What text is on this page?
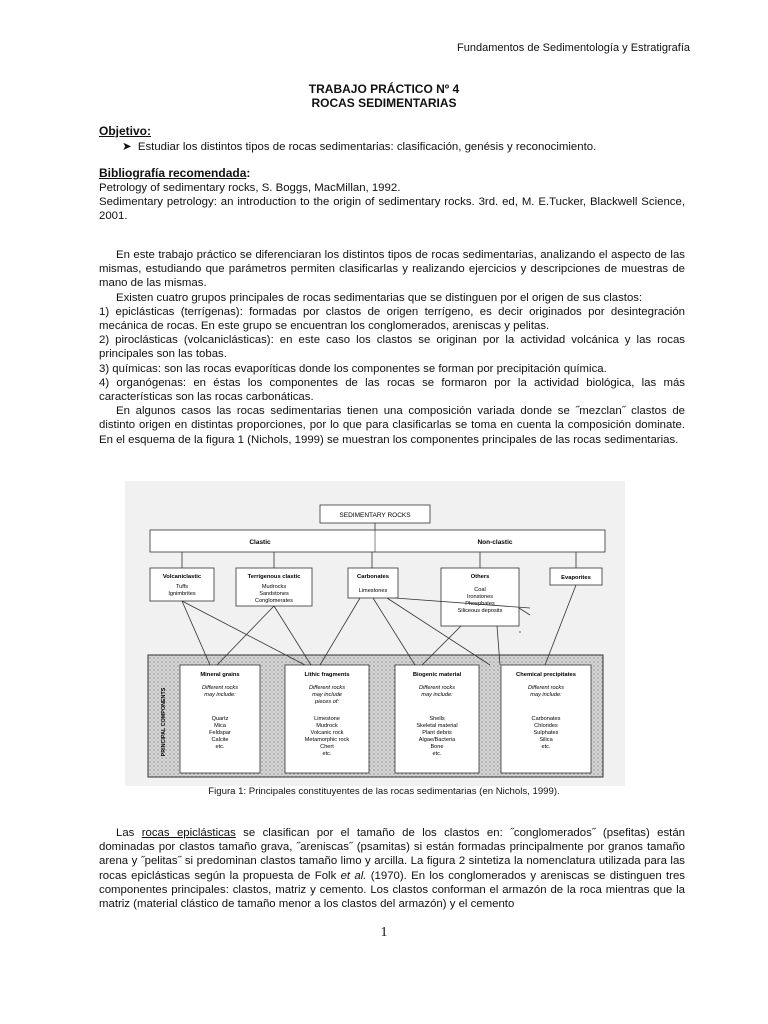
Fundamentos de Sedimentología y Estratigrafía
TRABAJO PRÁCTICO Nº 4
ROCAS SEDIMENTARIAS
Objetivo:
➤ Estudiar los distintos tipos de rocas sedimentarias: clasificación, genésis y reconocimiento.
Bibliografía recomendada:

Petrology of sedimentary rocks, S. Boggs, MacMillan, 1992.

Sedimentary petrology: an introduction to the origin of sedimentary rocks. 3rd. ed, M. E.Tucker, Blackwell Science, 2001.

En este trabajo práctico se diferenciaran los distintos tipos de rocas sedimentarias, analizando el aspecto de las mismas, estudiando que parámetros permiten clasificarlas y realizando ejercicios y descripciones de muestras de mano de las mismas.

Existen cuatro grupos principales de rocas sedimentarias que se distinguen por el origen de sus clastos:

1) epiclásticas (terrígenas): formadas por clastos de origen terrígeno, es decir originados por desintegración mecánica de rocas. En este grupo se encuentran los conglomerados, areniscas y pelitas.

2) piroclásticas (volcaniclásticas): en este caso los clastos se originan por la actividad volcánica y las rocas principales son las tobas.

3) químicas: son las rocas evaporíticas donde los componentes se forman por precipitación química.

4) organógenas: en éstas los componentes de las rocas se formaron por la actividad biológica, las más características son las rocas carbonáticas.

En algunos casos las rocas sedimentarias tienen una composición variada donde se ˝mezclan˝ clastos de distinto origen en distintas proporciones, por lo que para clasificarlas se toma en cuenta la composición dominate. En el esquema de la figura 1 (Nichols, 1999) se muestran los componentes principales de las rocas sedimentarias.

SEDIMENTARY ROCKS
Clastic	Non-clastic
Volcaniclastic
Tuffs
Ignimbrites
Terrigenous clastic
Mudrocks
Sandstones
Conglomerates
Carbonates
Limestones
Others
Coal
Ironstones
Phosphates
Siliceous deposits
Evaporites
PRINCIPAL COMPONENTS
Mineral grains
Different rocks
may include:
Quartz
Mica
Feldspar
Calcite
etc.
Lithic fragments
Different rocks
may include
pieces of:
Limestone
Mudrock
Volcanic rock
Metamorphic rock
Chert
etc.
Biogenic material
Different rocks
may include:
Shells
Skeletal material
Plant debris
Algae/Bacteria
Bone
etc.
Chemical precipitates
Different rocks
may include:
Carbonates
Chlorides
Sulphates
Silica
etc.
Figura 1: Principales constituyentes de las rocas sedimentarias (en Nichols, 1999).

Las rocas epiclásticas se clasifican por el tamaño de los clastos en: ˝conglomerados˝ (psefitas) están dominadas por clastos tamaño grava, ˝areniscas˝ (psamitas) si están formadas principalmente por granos tamaño arena y ˝pelitas˝ si predominan clastos tamaño limo y arcilla. La figura 2 sintetiza la nomenclatura utilizada para las rocas epiclásticas según la propuesta de Folk et al. (1970). En los conglomerados y areniscas se distinguen tres componentes principales: clastos, matriz y cemento. Los clastos conforman el armazón de la roca mientras que la matriz (material clástico de tamaño menor a los clastos del armazón) y el cemento

1
